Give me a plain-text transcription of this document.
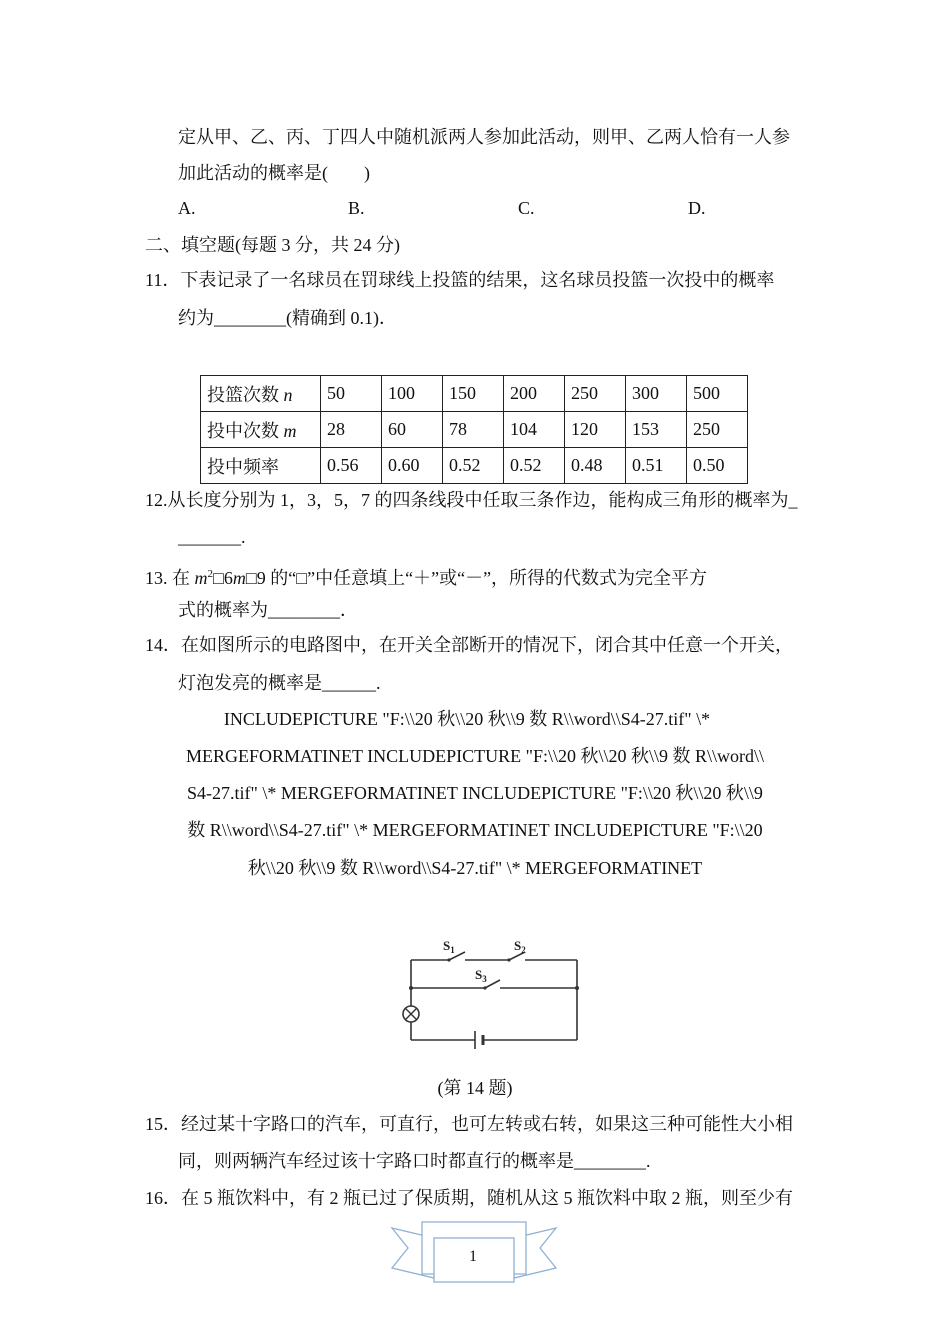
定从甲、乙、丙、丁四人中随机派两人参加此活动，则甲、乙两人恰有一人参
加此活动的概率是(　　)
A.	B.	C.	D.
二、填空题(每题 3 分，共 24 分)
11．下表记录了一名球员在罚球线上投篮的结果，这名球员投篮一次投中的概率
约为________(精确到 0.1)．
投篮次数 n	50	100	150	200	250	300	500
投中次数 m	28	60	78	104	120	153	250
投中频率	0.56	0.60	0.52	0.52	0.48	0.51	0.50
12.从长度分别为 1，3，5，7 的四条线段中任取三条作边，能构成三角形的概率为_
_______.
13. 在 $m^2□6m□9$ 的“□”中任意填上“＋”或“－”，所得的代数式为完全平方
式的概率为________．
14．在如图所示的电路图中，在开关全部断开的情况下，闭合其中任意一个开关，
灯泡发亮的概率是______.
INCLUDEPICTURE "F:\\20 秋\\20 秋\\9 数 R\\word\\S4-27.tif" \*
MERGEFORMATINET INCLUDEPICTURE "F:\\20 秋\\20 秋\\9 数 R\\word\\
S4-27.tif" \* MERGEFORMATINET INCLUDEPICTURE "F:\\20 秋\\20 秋\\9
数 R\\word\\S4-27.tif" \* MERGEFORMATINET INCLUDEPICTURE "F:\\20
秋\\20 秋\\9 数 R\\word\\S4-27.tif" \* MERGEFORMATINET
$S_1$	$S_2$
$S_3$
(第 14 题)
15．经过某十字路口的汽车，可直行，也可左转或右转，如果这三种可能性大小相
同，则两辆汽车经过该十字路口时都直行的概率是________.
16．在 5 瓶饮料中，有 2 瓶已过了保质期，随机从这 5 瓶饮料中取 2 瓶，则至少有
1
